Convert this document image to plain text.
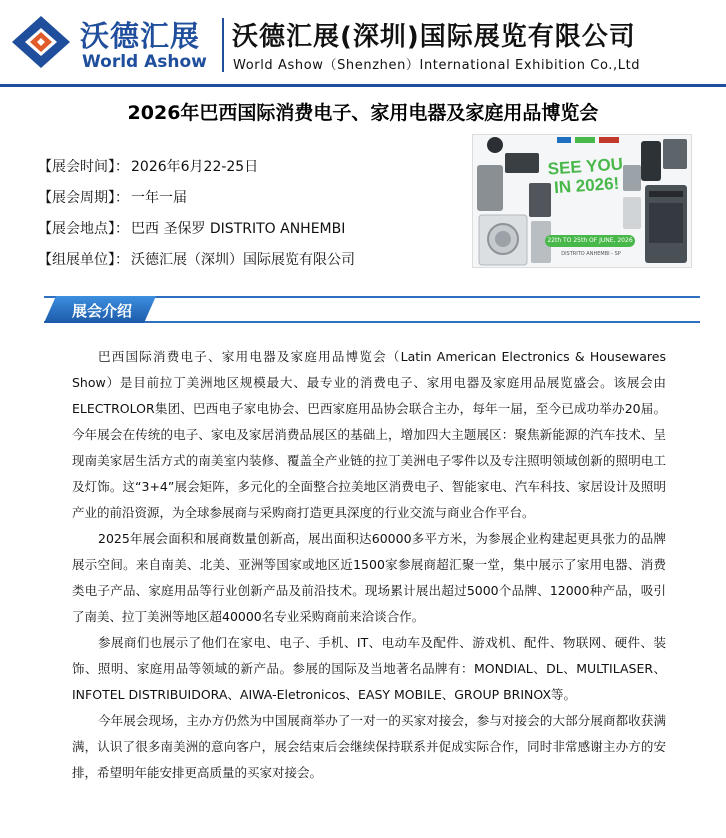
沃德汇展
World Ashow
沃德汇展(深圳)国际展览有限公司
World Ashow（Shenzhen）International Exhibition Co.,Ltd
2026年巴西国际消费电子、家用电器及家庭用品博览会
【展会时间】： 2026年6月22-25日
【展会周期】： 一年一届
【展会地点】： 巴西 圣保罗 DISTRITO ANHEMBI
【组展单位】： 沃德汇展（深圳）国际展览有限公司
SEE YOU
IN 2026!
22th TO 25th OF JUNE, 2026
DISTRITO ANHEMBI - SP
展会介绍

巴西国际消费电子、家用电器及家庭用品博览会（Latin American Electronics & Housewares Show）是目前拉丁美洲地区规模最大、最专业的消费电子、家用电器及家庭用品展览盛会。该展会由ELECTROLOR集团、巴西电子家电协会、巴西家庭用品协会联合主办，每年一届，至今已成功举办20届。今年展会在传统的电子、家电及家居消费品展区的基础上，增加四大主题展区：聚焦新能源的汽车技术、呈现南美家居生活方式的南美室内装修、覆盖全产业链的拉丁美洲电子零件以及专注照明领域创新的照明电工及灯饰。这“3+4”展会矩阵，多元化的全面整合拉美地区消费电子、智能家电、汽车科技、家居设计及照明产业的前沿资源，为全球参展商与采购商打造更具深度的行业交流与商业合作平台。

2025年展会面积和展商数量创新高，展出面积达60000多平方米，为参展企业构建起更具张力的品牌展示空间。来自南美、北美、亚洲等国家或地区近1500家参展商超汇聚一堂，集中展示了家用电器、消费类电子产品、家庭用品等行业创新产品及前沿技术。现场累计展出超过5000个品牌、12000种产品，吸引了南美、拉丁美洲等地区超40000名专业采购商前来洽谈合作。

参展商们也展示了他们在家电、电子、手机、IT、电动车及配件、游戏机、配件、物联网、硬件、装饰、照明、家庭用品等领域的新产品。参展的国际及当地著名品牌有：MONDIAL、DL、MULTILASER、INFOTEL DISTRIBUIDORA、AIWA-Eletronicos、EASY MOBILE、GROUP BRINOX等。

今年展会现场，主办方仍然为中国展商举办了一对一的买家对接会，参与对接会的大部分展商都收获满满，认识了很多南美洲的意向客户，展会结束后会继续保持联系并促成实际合作，同时非常感谢主办方的安排，希望明年能安排更高质量的买家对接会。
